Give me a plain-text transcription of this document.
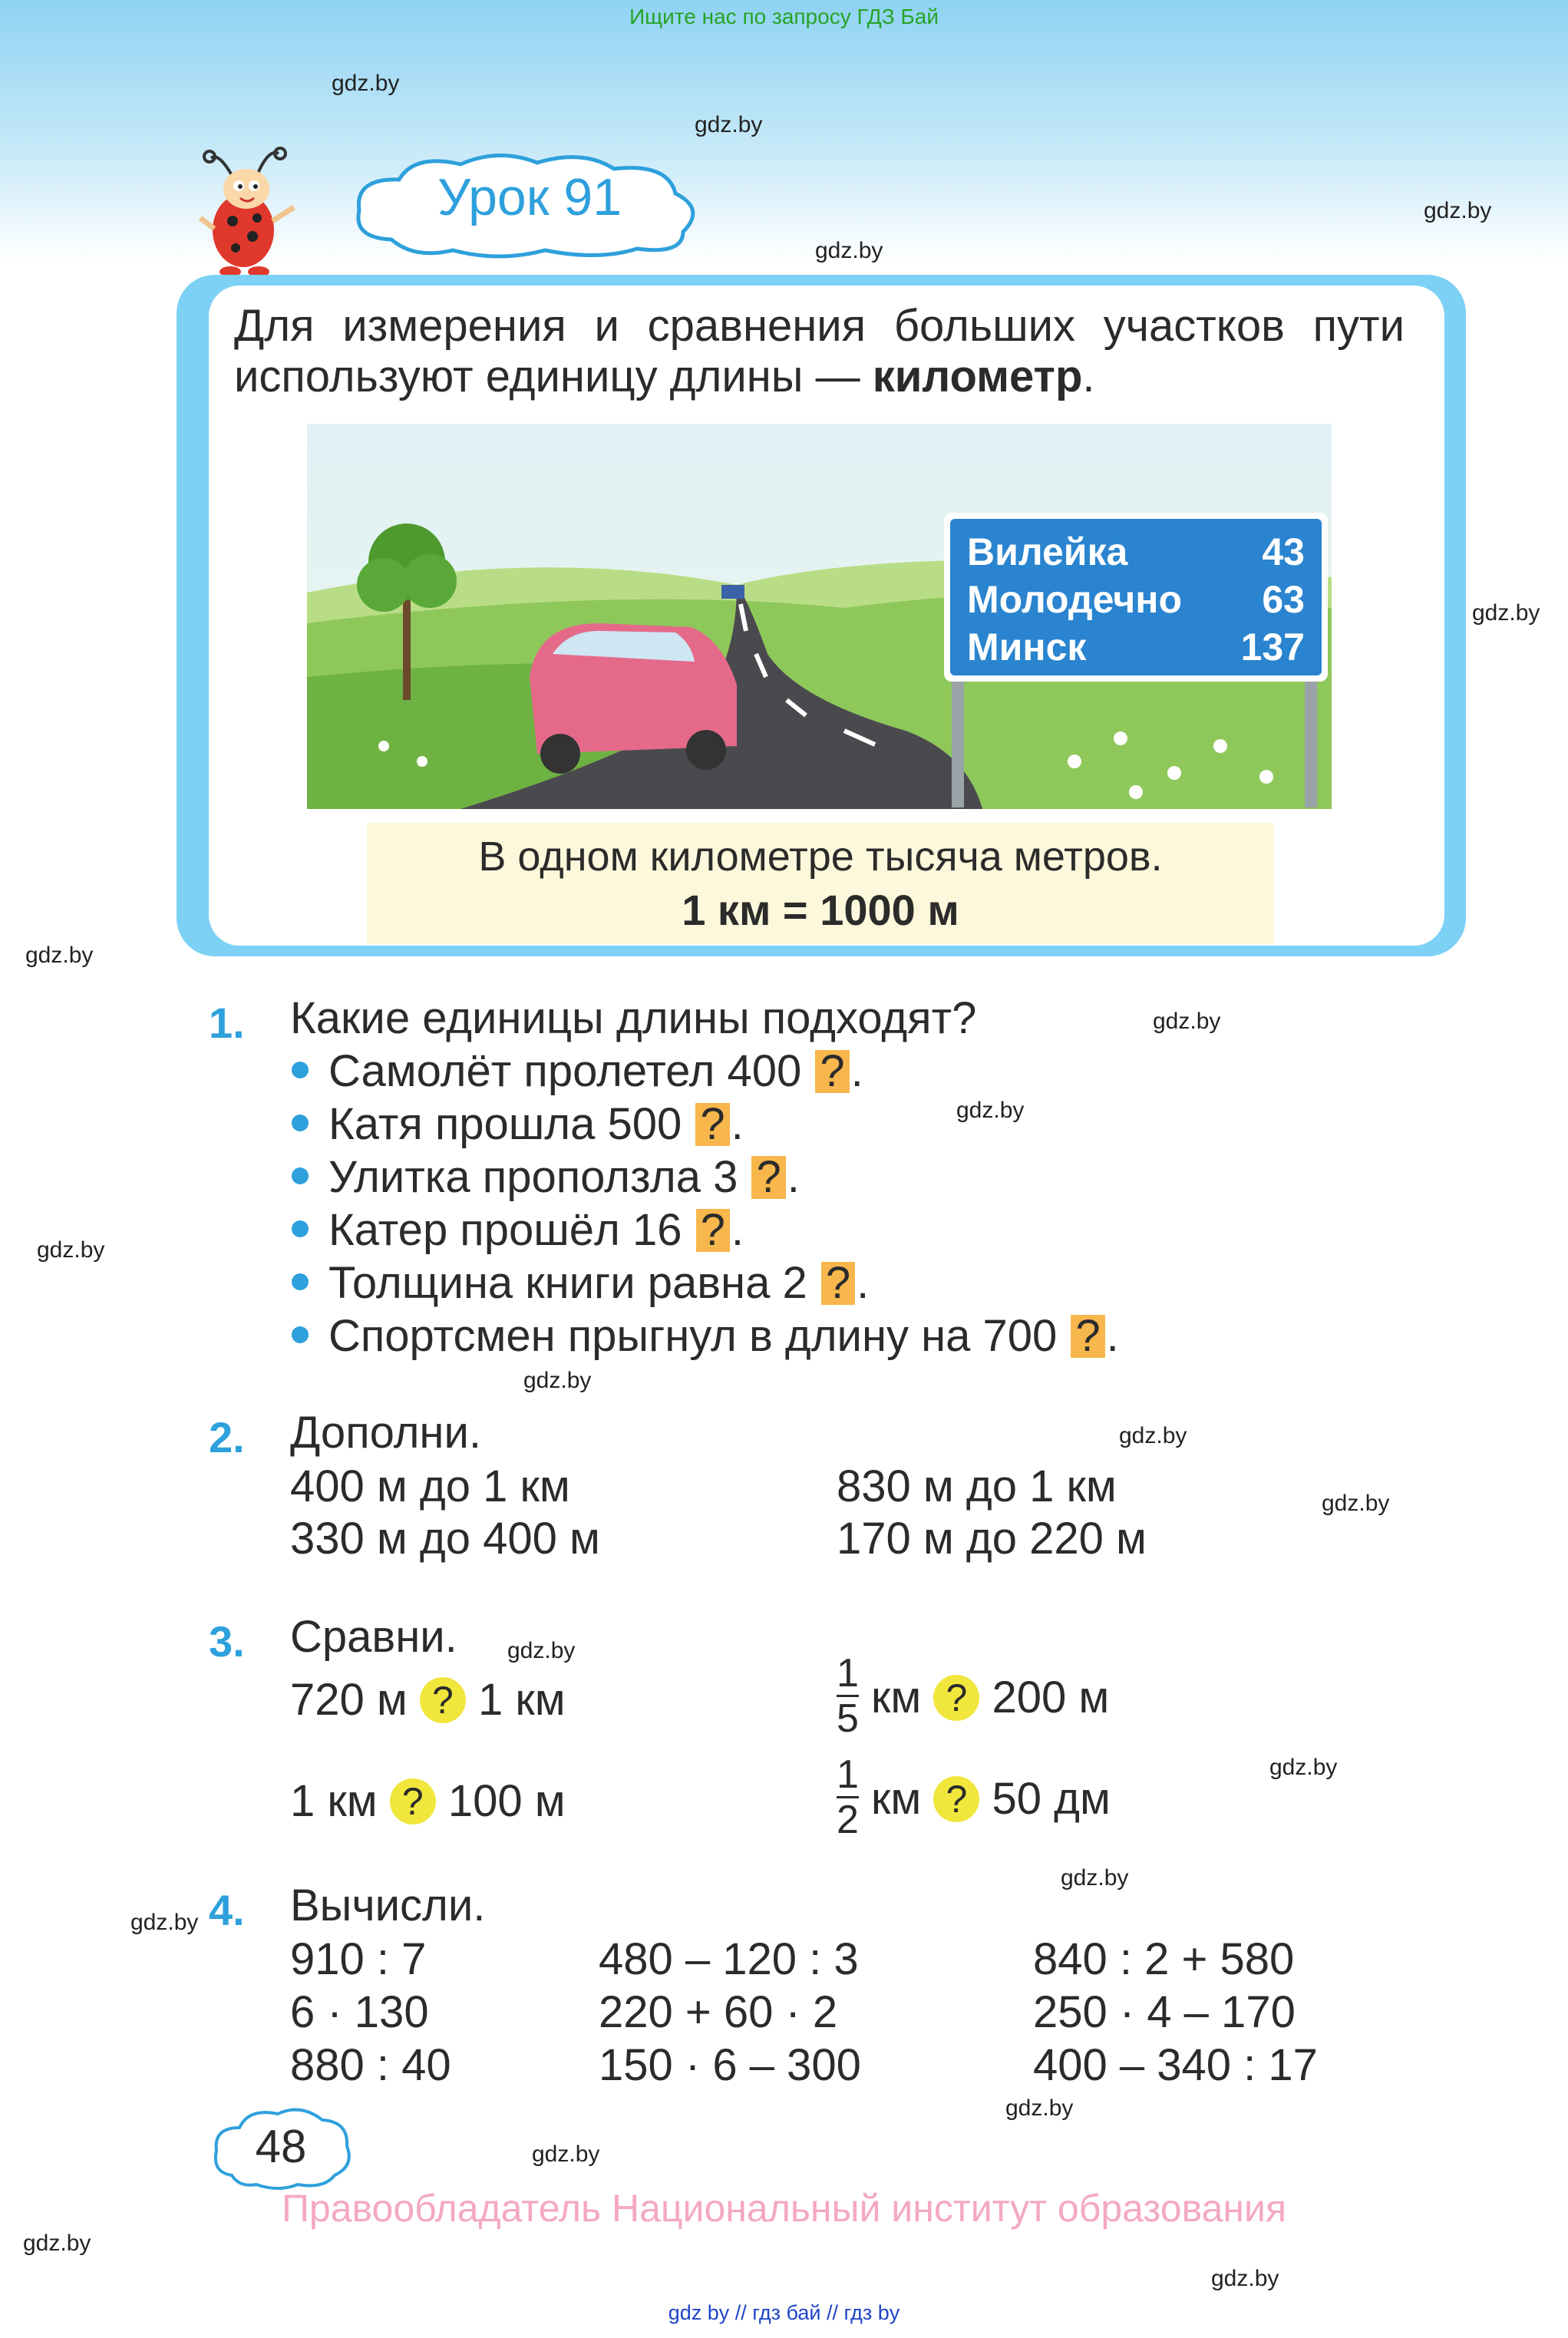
Ищите нас по запросу ГДЗ Бай
gdz.by
gdz.by
gdz.by
gdz.by
gdz.by
gdz.by
gdz.by
gdz.by
gdz.by
gdz.by
gdz.by
gdz.by
gdz.by
gdz.by
gdz.by
gdz.by
gdz.by
gdz.by
gdz.by
gdz.by
Урок 91
Для измерения и сравнения больших участков пути
используют единицу длины — километр.
Вилейка	43
Молодечно 63
Минск	137
В одном километре тысяча метров.
1 км = 1000 м
1. Какие единицы длины подходят?
Самолёт пролетел 400 ? .
Катя прошла 500 ? .
Улитка проползла 3 ? .
Катер прошёл 16 ? .
Толщина книги равна 2 ? .
Спортсмен прыгнул в длину на 700 ? .
2. Дополни.
400 м до 1 км
330 м до 400 м
830 м до 1 км
170 м до 220 м
3. Сравни.
720 м ? 1 км
1 км ? 100 м
$\frac{1}{5}$ км ? 200 м
$\frac{1}{2}$ км ? 50 дм
4. Вычисли.
910 : 7
6 · 130
880 : 40
480 – 120 : 3
220 + 60 · 2
150 · 6 – 300
840 : 2 + 580
250 · 4 – 170
400 – 340 : 17
48
Правообладатель Национальный институт образования
gdz by // гдз бай // гдз by
